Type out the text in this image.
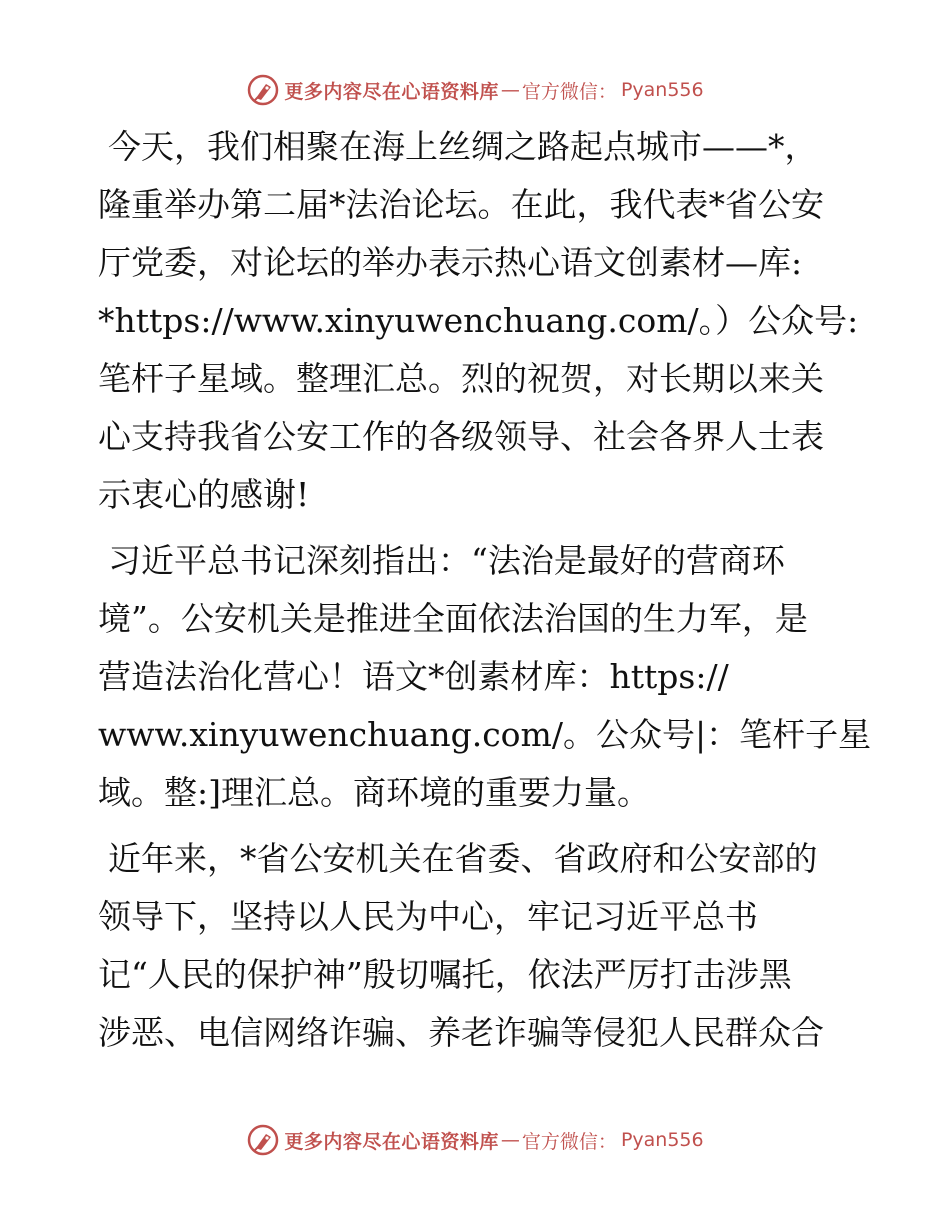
更多内容尽在心语资料库 — 官方微信： Pyan556
今天，我们相聚在海上丝绸之路起点城市——*，
隆重举办第二届*法治论坛。在此，我代表*省公安
厅党委，对论坛的举办表示热心语文创素材—库:
*https://www.xinyuwenchuang.com/。）公众号:
笔杆子星域。整理汇总。烈的祝贺，对长期以来关
心支持我省公安工作的各级领导、社会各界人士表
示衷心的感谢!
习近平总书记深刻指出：“法治是最好的营商环
境”。公安机关是推进全面依法治国的生力军，是
营造法治化营心！语文*创素材库：https://
www.xinyuwenchuang.com/。公众号|：笔杆子星
域。整:]理汇总。商环境的重要力量。
近年来，*省公安机关在省委、省政府和公安部的
领导下，坚持以人民为中心，牢记习近平总书
记“人民的保护神”殷切嘱托，依法严厉打击涉黑
涉恶、电信网络诈骗、养老诈骗等侵犯人民群众合
更多内容尽在心语资料库 — 官方微信： Pyan556
